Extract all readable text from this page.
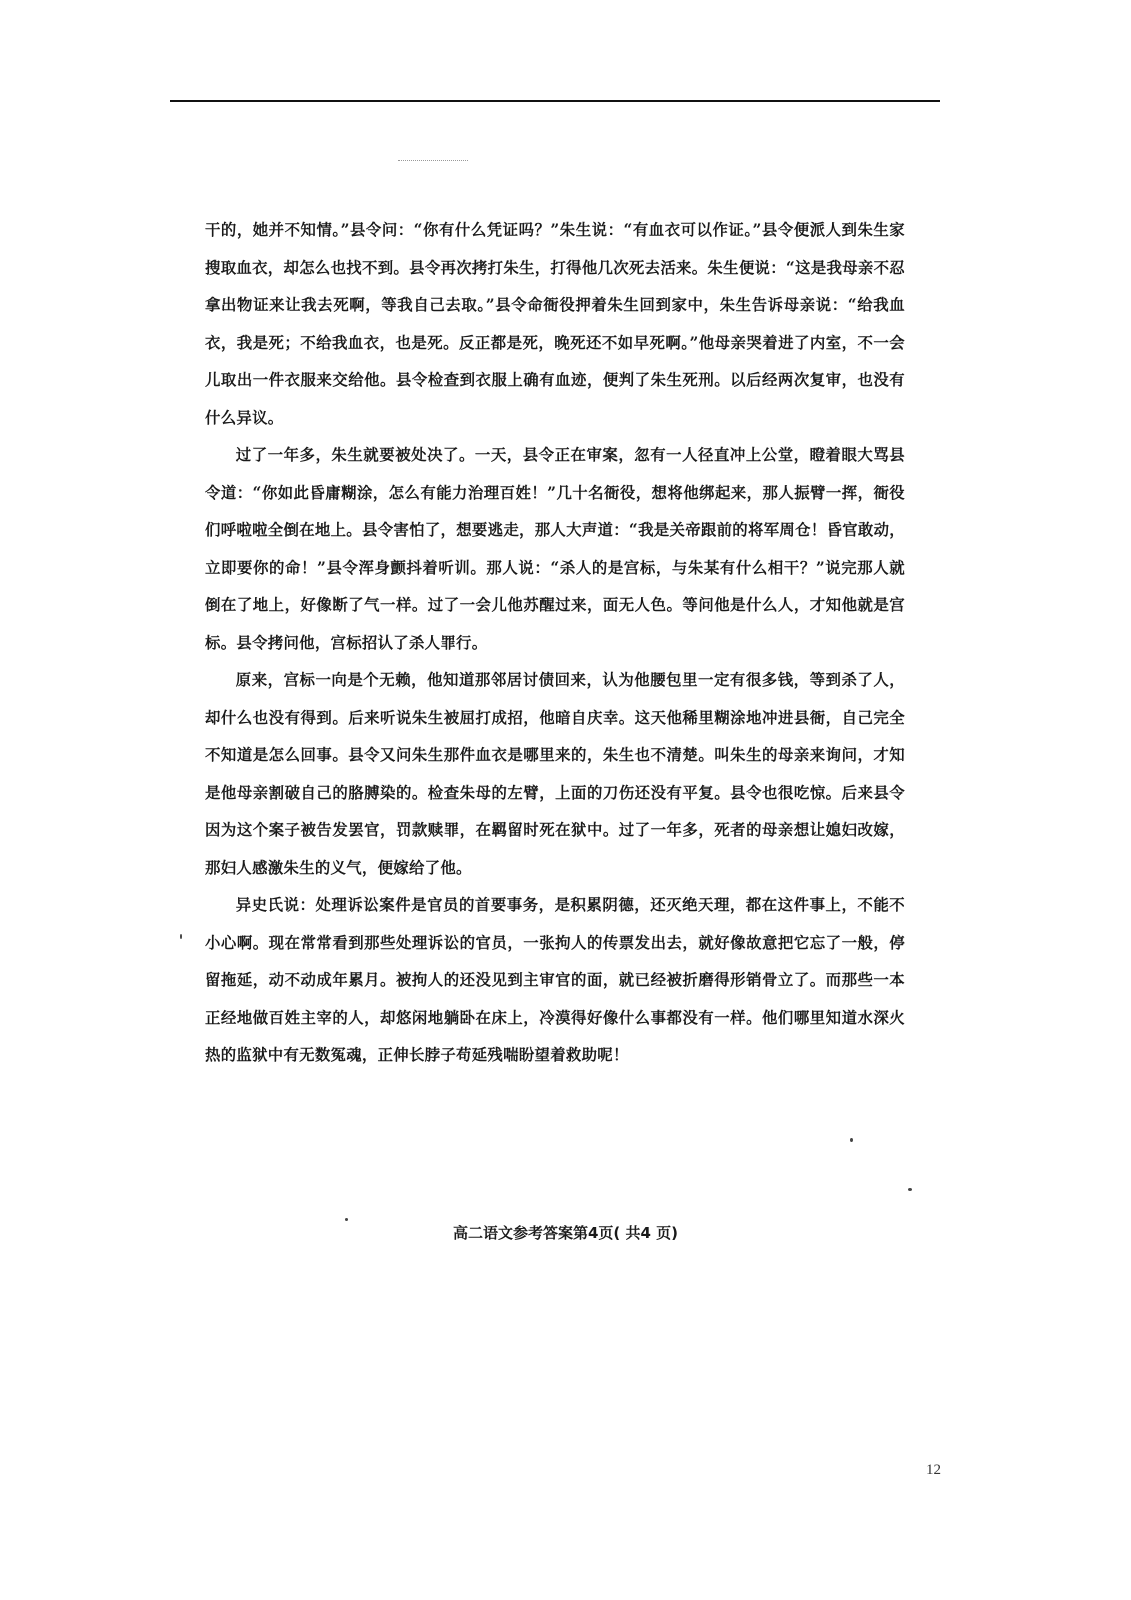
干的，她并不知情。”县令问：“你有什么凭证吗？”朱生说：“有血衣可以作证。”县令便派人到朱生家搜取血衣，却怎么也找不到。县令再次拷打朱生，打得他几次死去活来。朱生便说：“这是我母亲不忍拿出物证来让我去死啊，等我自己去取。”县令命衙役押着朱生回到家中，朱生告诉母亲说：“给我血衣，我是死；不给我血衣，也是死。反正都是死，晚死还不如早死啊。”他母亲哭着进了内室，不一会儿取出一件衣服来交给他。县令检查到衣服上确有血迹，便判了朱生死刑。以后经两次复审，也没有什么异议。

过了一年多，朱生就要被处决了。一天，县令正在审案，忽有一人径直冲上公堂，瞪着眼大骂县令道：“你如此昏庸糊涂，怎么有能力治理百姓！”几十名衙役，想将他绑起来，那人振臂一挥，衙役们呼啦啦全倒在地上。县令害怕了，想要逃走，那人大声道：“我是关帝跟前的将军周仓！昏官敢动，立即要你的命！”县令浑身颤抖着听训。那人说：“杀人的是宫标，与朱某有什么相干？”说完那人就倒在了地上，好像断了气一样。过了一会儿他苏醒过来，面无人色。等问他是什么人，才知他就是宫标。县令拷问他，宫标招认了杀人罪行。

原来，宫标一向是个无赖，他知道那邻居讨债回来，认为他腰包里一定有很多钱，等到杀了人，却什么也没有得到。后来听说朱生被屈打成招，他暗自庆幸。这天他稀里糊涂地冲进县衙，自己完全不知道是怎么回事。县令又问朱生那件血衣是哪里来的，朱生也不清楚。叫朱生的母亲来询问，才知是他母亲割破自己的胳膊染的。检查朱母的左臂，上面的刀伤还没有平复。县令也很吃惊。后来县令因为这个案子被告发罢官，罚款赎罪，在羁留时死在狱中。过了一年多，死者的母亲想让媳妇改嫁，那妇人感激朱生的义气，便嫁给了他。

异史氏说：处理诉讼案件是官员的首要事务，是积累阴德，还灭绝天理，都在这件事上，不能不小心啊。现在常常看到那些处理诉讼的官员，一张拘人的传票发出去，就好像故意把它忘了一般，停留拖延，动不动成年累月。被拘人的还没见到主审官的面，就已经被折磨得形销骨立了。而那些一本正经地做百姓主宰的人，却悠闲地躺卧在床上，冷漠得好像什么事都没有一样。他们哪里知道水深火热的监狱中有无数冤魂，正伸长脖子苟延残喘盼望着救助呢！

高二语文参考答案第4页( 共4 页)
12
